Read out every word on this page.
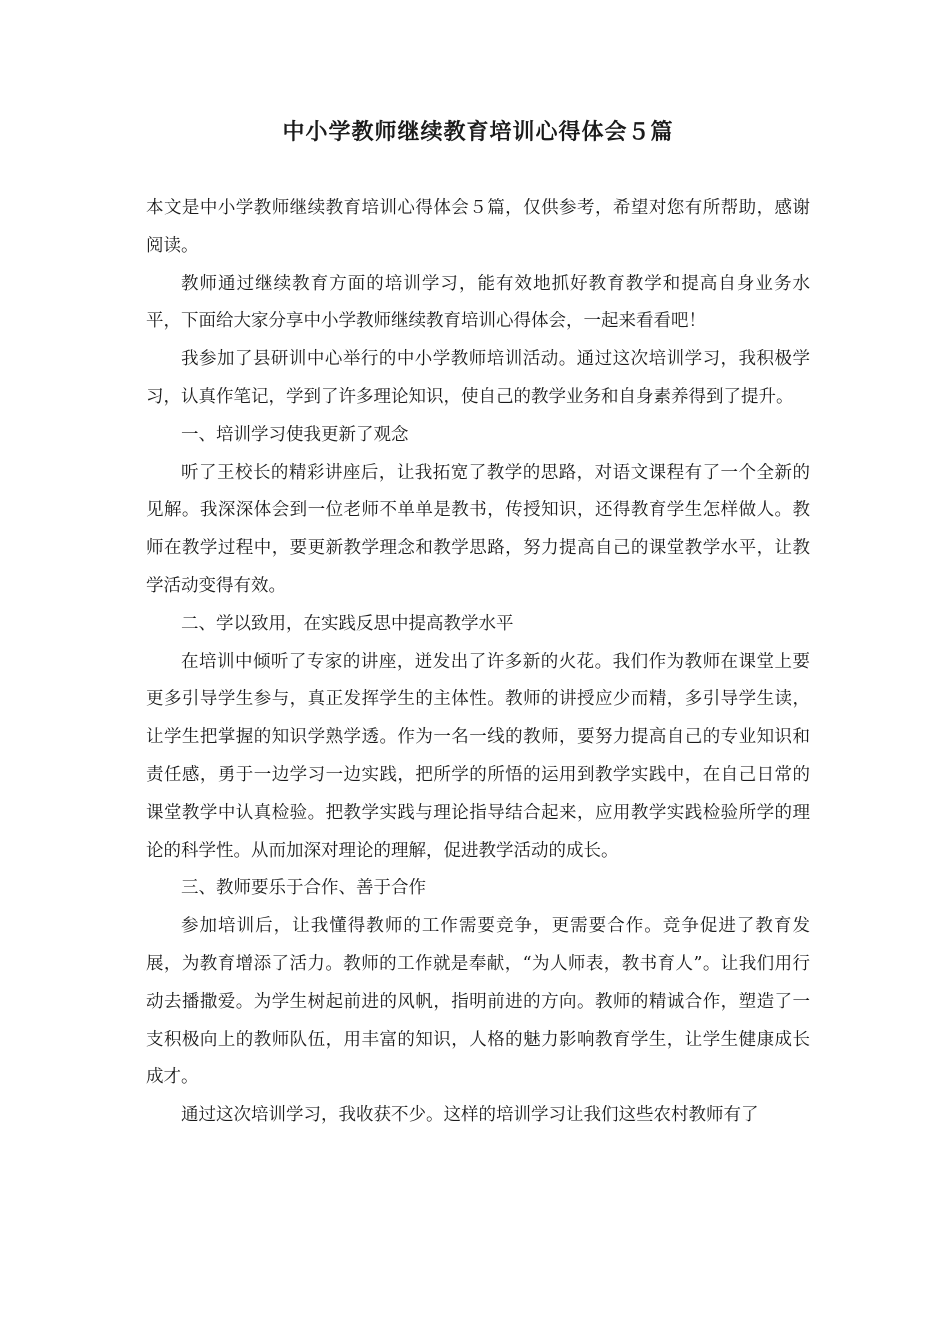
中小学教师继续教育培训心得体会５篇

本文是中小学教师继续教育培训心得体会５篇，仅供参考，希望对您有所帮助，感谢阅读。

教师通过继续教育方面的培训学习，能有效地抓好教育教学和提高自身业务水平，下面给大家分享中小学教师继续教育培训心得体会，一起来看看吧！

我参加了县研训中心举行的中小学教师培训活动。通过这次培训学习，我积极学习，认真作笔记，学到了许多理论知识，使自己的教学业务和自身素养得到了提升。

一、培训学习使我更新了观念

听了王校长的精彩讲座后，让我拓宽了教学的思路，对语文课程有了一个全新的见解。我深深体会到一位老师不单单是教书，传授知识，还得教育学生怎样做人。教师在教学过程中，要更新教学理念和教学思路，努力提高自己的课堂教学水平，让教学活动变得有效。

二、学以致用，在实践反思中提高教学水平

在培训中倾听了专家的讲座，迸发出了许多新的火花。我们作为教师在课堂上要更多引导学生参与，真正发挥学生的主体性。教师的讲授应少而精，多引导学生读，让学生把掌握的知识学熟学透。作为一名一线的教师，要努力提高自己的专业知识和责任感，勇于一边学习一边实践，把所学的所悟的运用到教学实践中，在自己日常的课堂教学中认真检验。把教学实践与理论指导结合起来，应用教学实践检验所学的理论的科学性。从而加深对理论的理解，促进教学活动的成长。

三、教师要乐于合作、善于合作

参加培训后，让我懂得教师的工作需要竞争，更需要合作。竞争促进了教育发展，为教育增添了活力。教师的工作就是奉献，“为人师表，教书育人”。让我们用行动去播撒爱。为学生树起前进的风帆，指明前进的方向。教师的精诚合作，塑造了一支积极向上的教师队伍，用丰富的知识，人格的魅力影响教育学生，让学生健康成长成才。

通过这次培训学习，我收获不少。这样的培训学习让我们这些农村教师有了
